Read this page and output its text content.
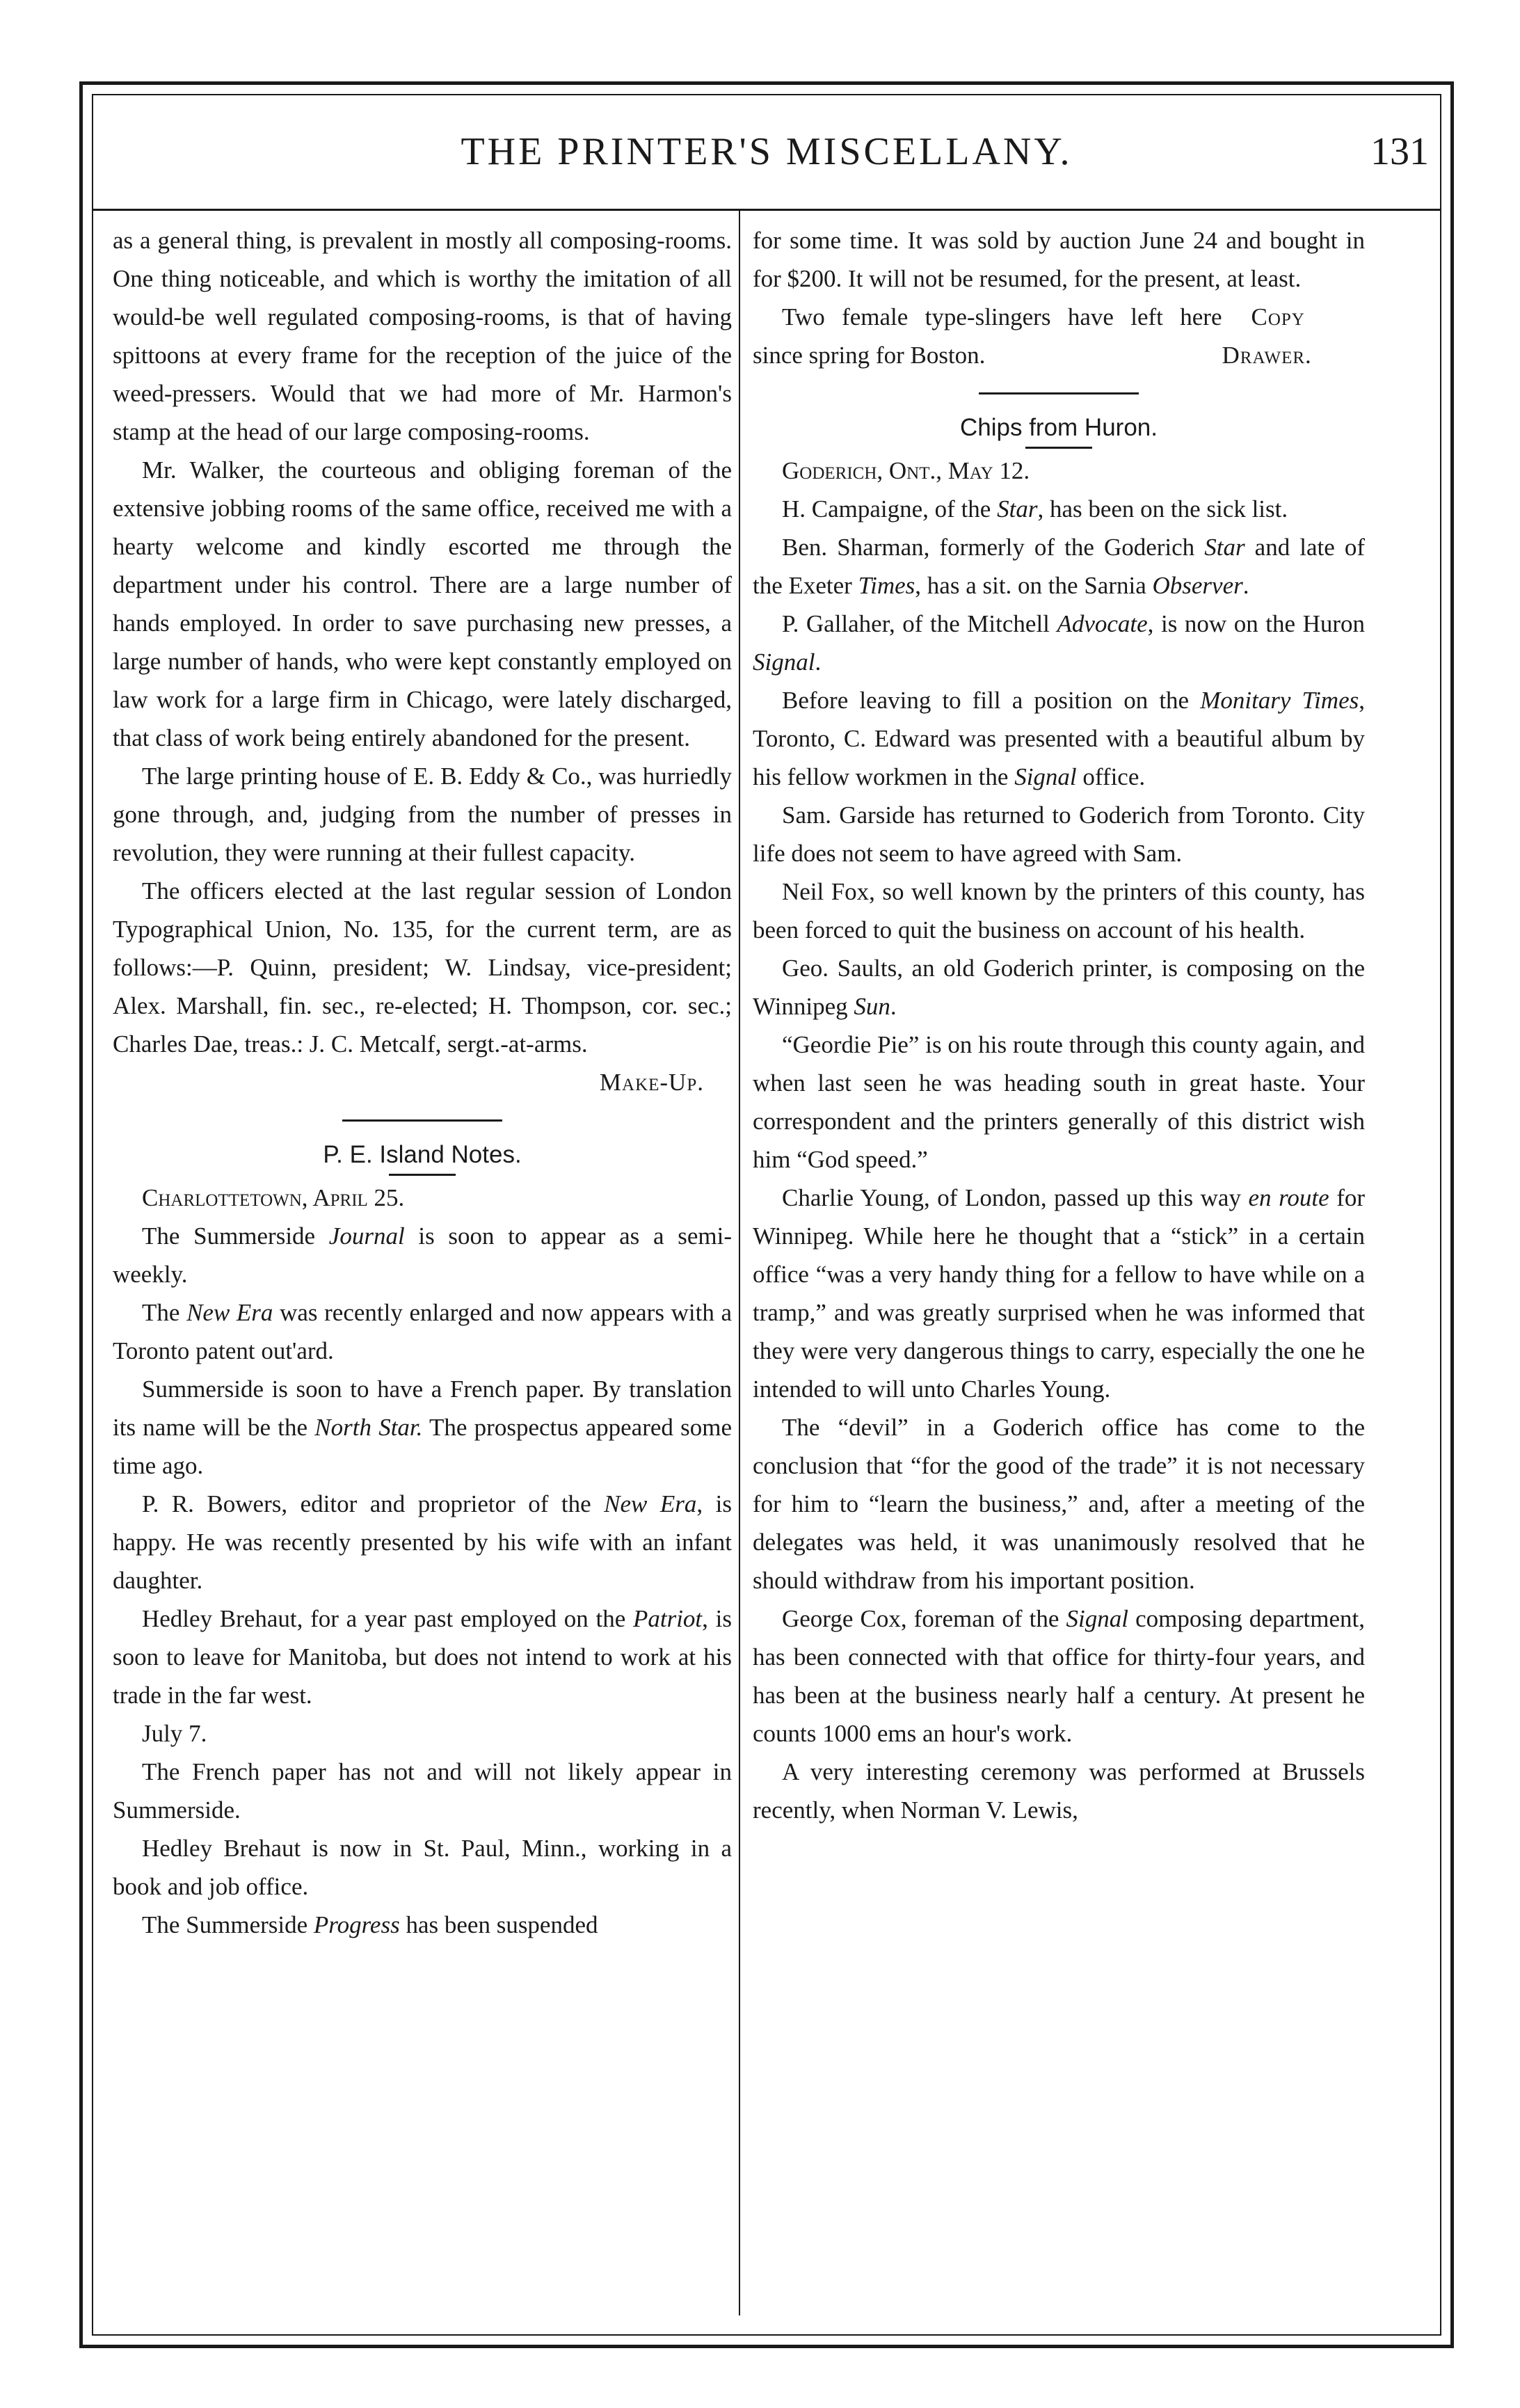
THE PRINTER'S MISCELLANY.	131

as a general thing, is prevalent in mostly all composing-rooms. One thing noticeable, and which is worthy the imitation of all would-be well regulated composing-rooms, is that of having spittoons at every frame for the reception of the juice of the weed-pressers. Would that we had more of Mr. Harmon's stamp at the head of our large composing-rooms.

Mr. Walker, the courteous and obliging foreman of the extensive jobbing rooms of the same office, received me with a hearty welcome and kindly escorted me through the department under his control. There are a large number of hands employed. In order to save purchasing new presses, a large number of hands, who were kept constantly employed on law work for a large firm in Chicago, were lately discharged, that class of work being entirely abandoned for the present.

The large printing house of E. B. Eddy & Co., was hurriedly gone through, and, judging from the number of presses in revolution, they were running at their fullest capacity.

The officers elected at the last regular session of London Typographical Union, No. 135, for the current term, are as follows:—P. Quinn, president; W. Lindsay, vice-president; Alex. Marshall, fin. sec., re-elected; H. Thompson, cor. sec.; Charles Dae, treas.: J. C. Metcalf, sergt.-at-arms.

Make-Up.

P. E. Island Notes.

Charlottetown, April 25.

The Summerside Journal is soon to appear as a semi-weekly.

The New Era was recently enlarged and now appears with a Toronto patent out'ard.

Summerside is soon to have a French paper. By translation its name will be the North Star. The prospectus appeared some time ago.

P. R. Bowers, editor and proprietor of the New Era, is happy. He was recently presented by his wife with an infant daughter.

Hedley Brehaut, for a year past employed on the Patriot, is soon to leave for Manitoba, but does not intend to work at his trade in the far west.

July 7.

The French paper has not and will not likely appear in Summerside.

Hedley Brehaut is now in St. Paul, Minn., working in a book and job office.

The Summerside Progress has been suspended

for some time. It was sold by auction June 24 and bought in for $200. It will not be resumed, for the present, at least.

Two female type-slingers have left here since spring for Boston.
Copy Drawer.

Chips from Huron.

Goderich, Ont., May 12.

H. Campaigne, of the Star, has been on the sick list.

Ben. Sharman, formerly of the Goderich Star and late of the Exeter Times, has a sit. on the Sarnia Observer.

P. Gallaher, of the Mitchell Advocate, is now on the Huron Signal.

Before leaving to fill a position on the Monitary Times, Toronto, C. Edward was presented with a beautiful album by his fellow workmen in the Signal office.

Sam. Garside has returned to Goderich from Toronto. City life does not seem to have agreed with Sam.

Neil Fox, so well known by the printers of this county, has been forced to quit the business on account of his health.

Geo. Saults, an old Goderich printer, is composing on the Winnipeg Sun.

“Geordie Pie” is on his route through this county again, and when last seen he was heading south in great haste. Your correspondent and the printers generally of this district wish him “God speed.”

Charlie Young, of London, passed up this way en route for Winnipeg. While here he thought that a “stick” in a certain office “was a very handy thing for a fellow to have while on a tramp,” and was greatly surprised when he was informed that they were very dangerous things to carry, especially the one he intended to will unto Charles Young.

The “devil” in a Goderich office has come to the conclusion that “for the good of the trade” it is not necessary for him to “learn the business,” and, after a meeting of the delegates was held, it was unanimously resolved that he should withdraw from his important position.

George Cox, foreman of the Signal composing department, has been connected with that office for thirty-four years, and has been at the business nearly half a century. At present he counts 1000 ems an hour's work.

A very interesting ceremony was performed at Brussels recently, when Norman V. Lewis,
